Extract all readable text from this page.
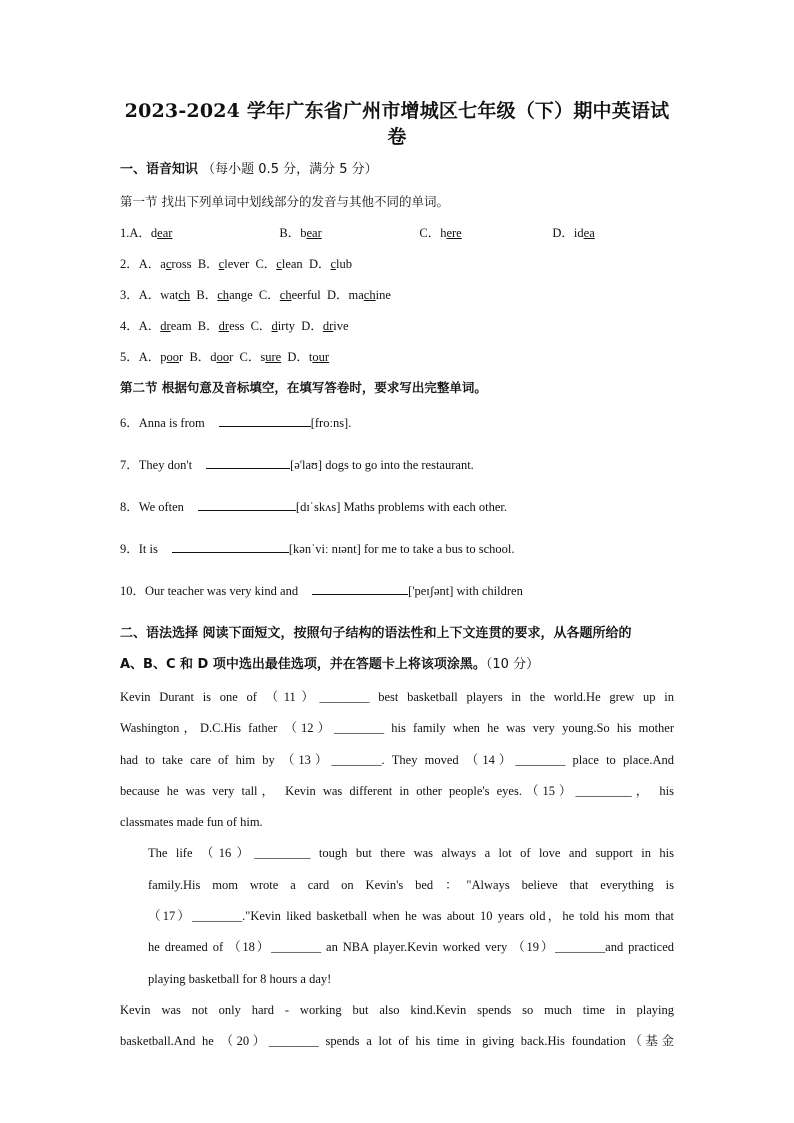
2023-2024 学年广东省广州市增城区七年级（下）期中英语试卷
一、语音知识 （每小题 0.5 分，满分 5 分）
第一节 找出下列单词中划线部分的发音与其他不同的单词。
1.A．dear	B．bear	C．here	D．idea
2．A．across B．clever C．clean D．club
3．A．watch B．change C．cheerful D．machine
4．A．dream B．dress C．dirty D．drive
5．A．poor B．door C．sure D．tour
第二节 根据句意及音标填空，在填写答卷时，要求写出完整单词。
6．Anna is from	[froːns].
7．They don't	[ə'laʊ] dogs to go into the restaurant.
8．We often	[dɪˈskʌs] Maths problems with each other.
9．It is	[kənˈviː nɪənt] for me to take a bus to school.
10．Our teacher was very kind and	['peɪʃənt] with children
二、语法选择 阅读下面短文，按照句子结构的语法性和上下文连贯的要求，从各题所给的
A、B、C 和 D 项中选出最佳选项，并在答题卡上将该项涂黑。（10 分）
Kevin Durant is one of （11）________ best basketball players in the world.He grew up in
Washington，D.C.His father （12）________ his family when he was very young.So his mother
had to take care of him by （13）________. They moved （14）________ place to place.And
because he was very tall， Kevin was different in other people's eyes.（15）_________， his
classmates made fun of him.
The life （16）_________ tough but there was always a lot of love and support in his
family.His mom wrote a card on Kevin's bed ："Always believe that everything is
（17）________."Kevin liked basketball when he was about 10 years old，he told his mom that
he dreamed of （18）________ an NBA player.Kevin worked very （19）________and practiced
playing basketball for 8 hours a day!
Kevin was not only hard - working but also kind.Kevin spends so much time in playing
basketball.And he （20）________ spends a lot of his time in giving back.His foundation（基金
